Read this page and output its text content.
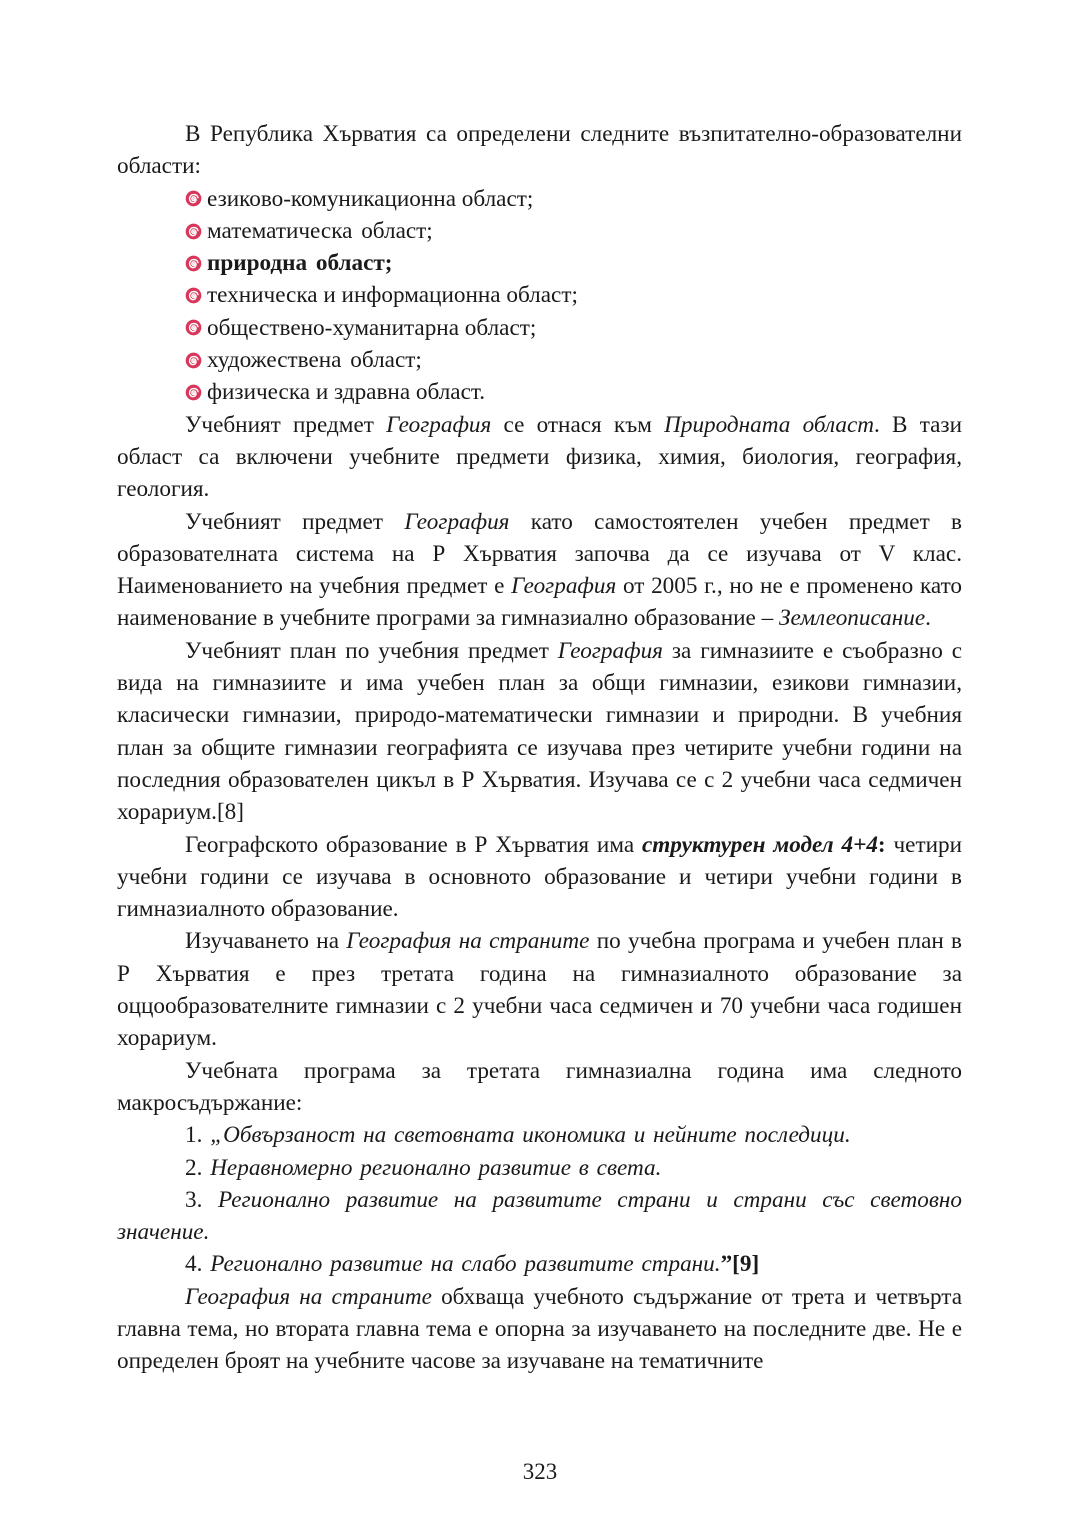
В Република Хърватия са определени следните възпитателно-образователни области:

езиково-комуникационна област;
математическа област;
природна област;
техническа и информационна област;
обществено-хуманитарна област;
художествена област;
физическа и здравна област.

Учебният предмет География се отнася към Природната област. В тази област са включени учебните предмети физика, химия, биология, география, геология.

Учебният предмет География като самостоятелен учебен предмет в образователната система на Р Хърватия започва да се изучава от V клас. Наименованието на учебния предмет е География от 2005 г., но не е променено като наименование в учебните програми за гимназиално образование – Землеописание.

Учебният план по учебния предмет География за гимназиите е съобразно с вида на гимназиите и има учебен план за общи гимназии, езикови гимназии, класически гимназии, природо-математически гимназии и природни. В учебния план за общите гимназии географията се изучава през четирите учебни години на последния образователен цикъл в Р Хърватия. Изучава се с 2 учебни часа седмичен хорариум.[8]

Географското образование в Р Хърватия има структурен модел 4+4: четири учебни години се изучава в основното образование и четири учебни години в гимназиалното образование.

Изучаването на География на страните по учебна програма и учебен план в Р Хърватия е през третата година на гимназиалното образование за оццообразователните гимназии с 2 учебни часа седмичен и 70 учебни часа годишен хорариум.

Учебната програма за третата гимназиална година има следното макросъдържание:

1. „Обвързаност на световната икономика и нейните последици.

2. Неравномерно регионално развитие в света.

3. Регионално развитие на развитите страни и страни със световно значение.

4. Регионално развитие на слабо развитите страни.”[9]

География на страните обхваща учебното съдържание от трета и четвърта главна тема, но втората главна тема е опорна за изучаването на последните две. Не е определен броят на учебните часове за изучаване на тематичните

323
